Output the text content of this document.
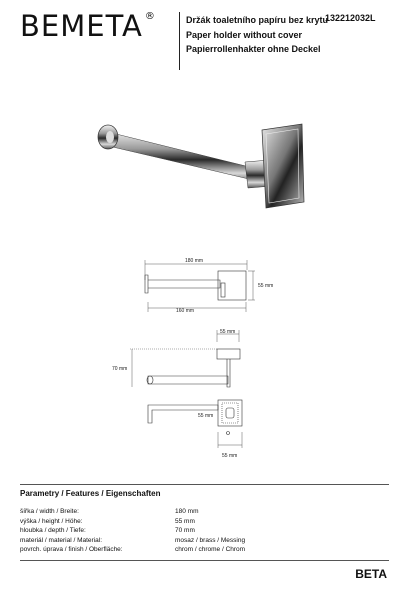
BEMETA ®	Držák toaletního papíru bez krytu
Paper holder without cover
Papierrollenhakter ohne Deckel
132212032L
180 mm
55 mm
160 mm
55 mm
70 mm
55 mm
55 mm
Parametry / Features / Eigenschaften
šířka / width / Breite:	180 mm
výška / height / Höhe:	55 mm
hloubka / depth / Tiefe:	70 mm
materiál / material / Material:	mosaz / brass / Messing
povrch. úprava / finish / Oberfläche:	chrom / chrome / Chrom
BETA
